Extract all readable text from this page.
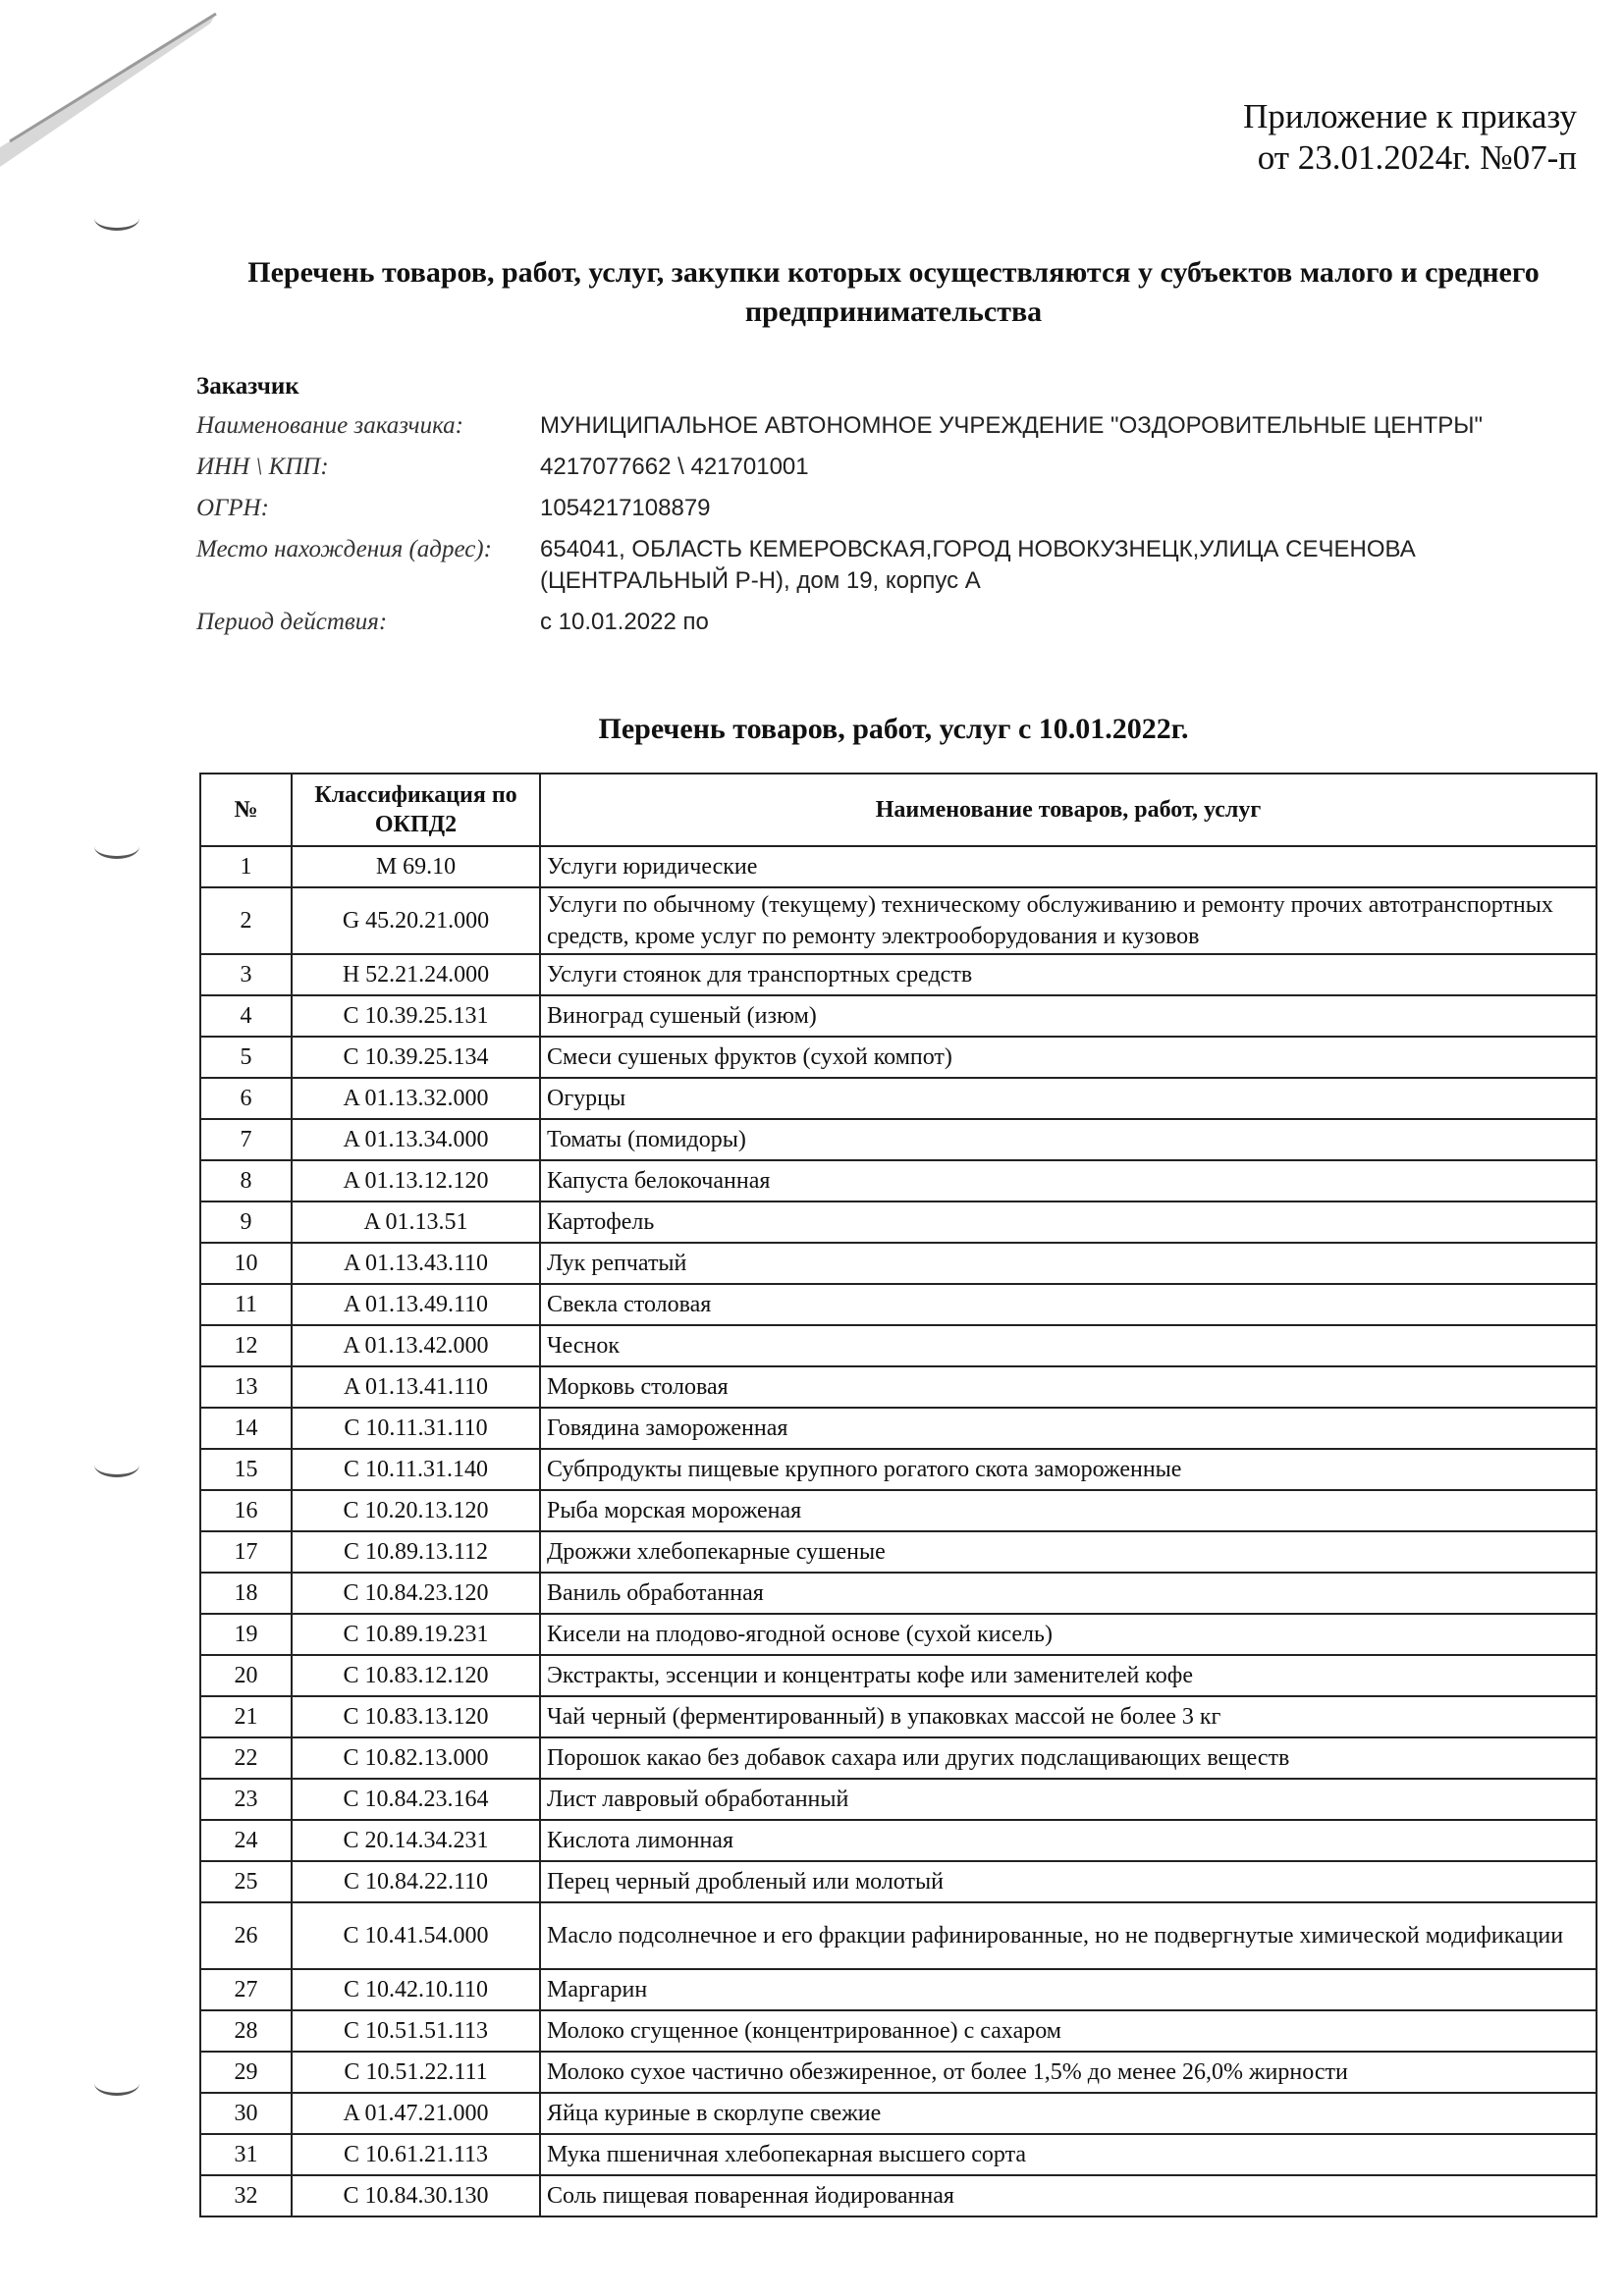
Приложение к приказу
от 23.01.2024г. №07-п
Перечень товаров, работ, услуг, закупки которых осуществляются у субъектов малого и среднего предпринимательства
Заказчик
Наименование заказчика:	МУНИЦИПАЛЬНОЕ АВТОНОМНОЕ УЧРЕЖДЕНИЕ "ОЗДОРОВИТЕЛЬНЫЕ ЦЕНТРЫ"
ИНН \ КПП:	4217077662 \ 421701001
ОГРН:	1054217108879
Место нахождения (адрес):	654041, ОБЛАСТЬ КЕМЕРОВСКАЯ,ГОРОД НОВОКУЗНЕЦК,УЛИЦА СЕЧЕНОВА (ЦЕНТРАЛЬНЫЙ Р-Н), дом 19, корпус А
Период действия:	с 10.01.2022 по
Перечень товаров, работ, услуг с 10.01.2022г.
№	Классификация по ОКПД2	Наименование товаров, работ, услуг
1	M 69.10	Услуги юридические
2	G 45.20.21.000	Услуги по обычному (текущему) техническому обслуживанию и ремонту прочих автотранспортных средств, кроме услуг по ремонту электрооборудования и кузовов
3	H 52.21.24.000	Услуги стоянок для транспортных средств
4	C 10.39.25.131	Виноград сушеный (изюм)
5	C 10.39.25.134	Смеси сушеных фруктов (сухой компот)
6	A 01.13.32.000	Огурцы
7	A 01.13.34.000	Томаты (помидоры)
8	A 01.13.12.120	Капуста белокочанная
9	A 01.13.51	Картофель
10	A 01.13.43.110	Лук репчатый
11	A 01.13.49.110	Свекла столовая
12	A 01.13.42.000	Чеснок
13	A 01.13.41.110	Морковь столовая
14	C 10.11.31.110	Говядина замороженная
15	C 10.11.31.140	Субпродукты пищевые крупного рогатого скота замороженные
16	C 10.20.13.120	Рыба морская мороженая
17	C 10.89.13.112	Дрожжи хлебопекарные сушеные
18	C 10.84.23.120	Ваниль обработанная
19	C 10.89.19.231	Кисели на плодово-ягодной основе (сухой кисель)
20	C 10.83.12.120	Экстракты, эссенции и концентраты кофе или заменителей кофе
21	C 10.83.13.120	Чай черный (ферментированный) в упаковках массой не более 3 кг
22	C 10.82.13.000	Порошок какао без добавок сахара или других подслащивающих веществ
23	C 10.84.23.164	Лист лавровый обработанный
24	C 20.14.34.231	Кислота лимонная
25	C 10.84.22.110	Перец черный дробленый или молотый
26	C 10.41.54.000	Масло подсолнечное и его фракции рафинированные, но не подвергнутые химической модификации
27	C 10.42.10.110	Маргарин
28	C 10.51.51.113	Молоко сгущенное (концентрированное) с сахаром
29	C 10.51.22.111	Молоко сухое частично обезжиренное, от более 1,5% до менее 26,0% жирности
30	A 01.47.21.000	Яйца куриные в скорлупе свежие
31	C 10.61.21.113	Мука пшеничная хлебопекарная высшего сорта
32	C 10.84.30.130	Соль пищевая поваренная йодированная
